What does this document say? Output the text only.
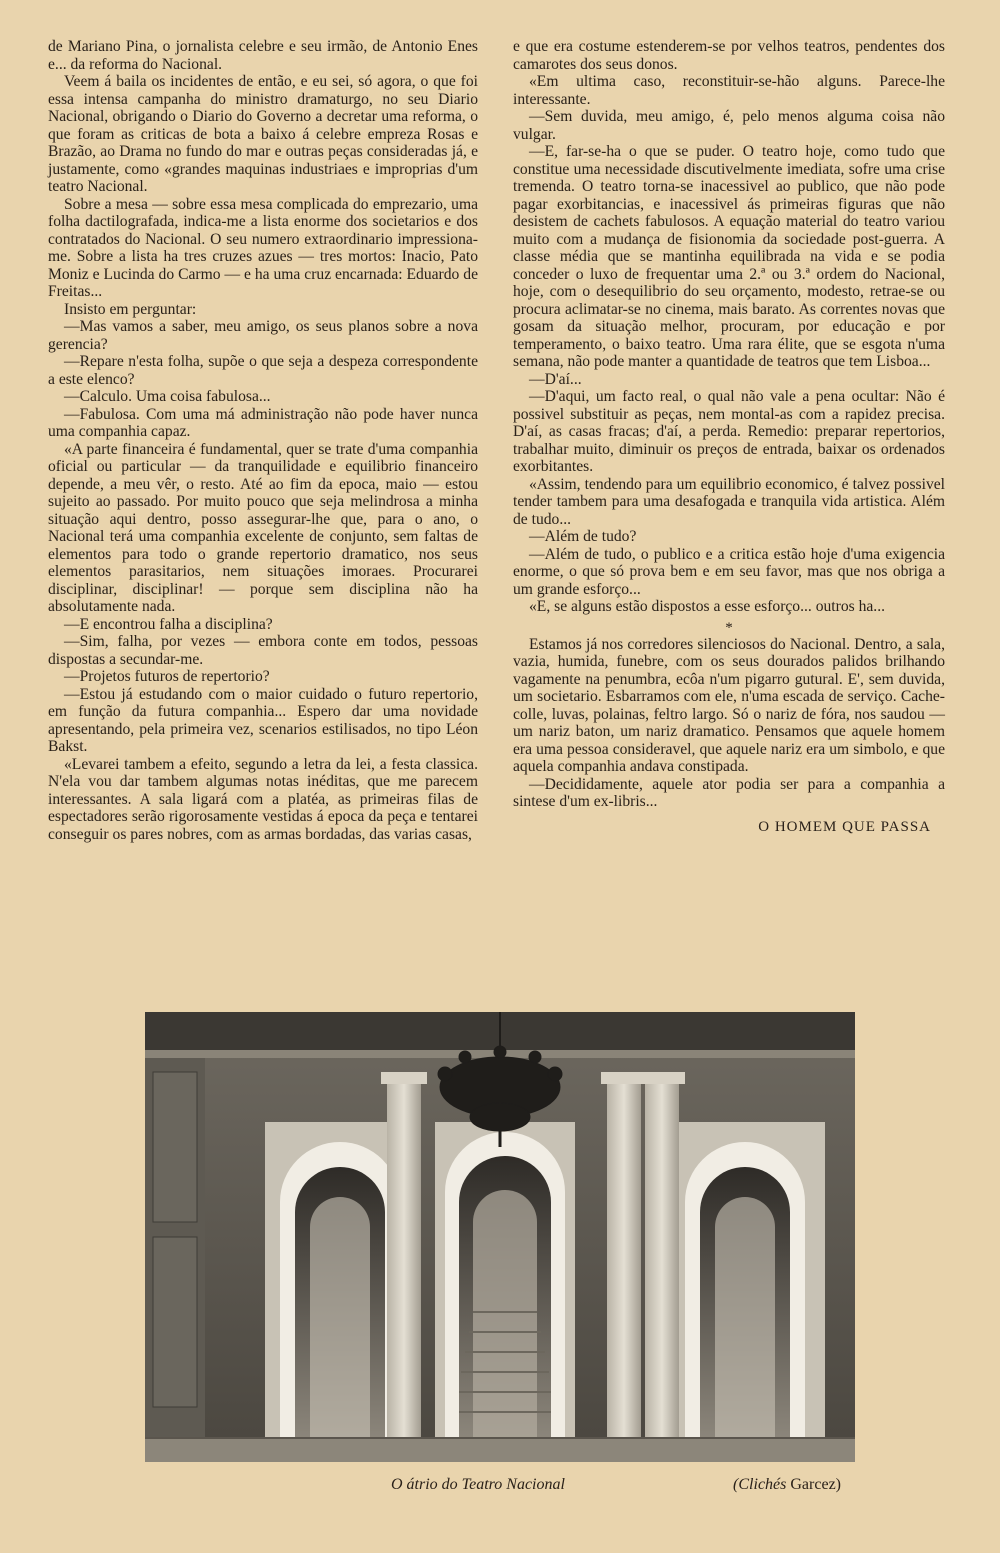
de Mariano Pina, o jornalista celebre e seu irmão, de Antonio Enes e... da reforma do Nacional.

Veem á baila os incidentes de então, e eu sei, só agora, o que foi essa intensa campanha do ministro dramaturgo, no seu Diario Nacional, obrigando o Diario do Governo a decretar uma reforma, o que foram as criticas de bota a baixo á celebre empreza Rosas e Brazão, ao Drama no fundo do mar e outras peças consideradas já, e justamente, como «grandes maquinas industriaes e improprias d'um teatro Nacional.

Sobre a mesa — sobre essa mesa complicada do emprezario, uma folha dactilografada, indica-me a lista enorme dos societarios e dos contratados do Nacional. O seu numero extraordinario impressiona-me. Sobre a lista ha tres cruzes azues — tres mortos: Inacio, Pato Moniz e Lucinda do Carmo — e ha uma cruz encarnada: Eduardo de Freitas...

Insisto em perguntar:

—Mas vamos a saber, meu amigo, os seus planos sobre a nova gerencia?

—Repare n'esta folha, supõe o que seja a despeza correspondente a este elenco?

—Calculo. Uma coisa fabulosa...

—Fabulosa. Com uma má administração não pode haver nunca uma companhia capaz.

«A parte financeira é fundamental, quer se trate d'uma companhia oficial ou particular — da tranquilidade e equilibrio financeiro depende, a meu vêr, o resto. Até ao fim da epoca, maio — estou sujeito ao passado. Por muito pouco que seja melindrosa a minha situação aqui dentro, posso assegurar-lhe que, para o ano, o Nacional terá uma companhia excelente de conjunto, sem faltas de elementos para todo o grande repertorio dramatico, nos seus elementos parasitarios, nem situações imoraes. Procurarei disciplinar, disciplinar! — porque sem disciplina não ha absolutamente nada.

—E encontrou falha a disciplina?

—Sim, falha, por vezes — embora conte em todos, pessoas dispostas a secundar-me.

—Projetos futuros de repertorio?

—Estou já estudando com o maior cuidado o futuro repertorio, em função da futura companhia... Espero dar uma novidade apresentando, pela primeira vez, scenarios estilisados, no tipo Léon Bakst.

«Levarei tambem a efeito, segundo a letra da lei, a festa classica. N'ela vou dar tambem algumas notas inéditas, que me parecem interessantes. A sala ligará com a platéa, as primeiras filas de espectadores serão rigorosamente vestidas á epoca da peça e tentarei conseguir os pares nobres, com as armas bordadas, das varias casas,

e que era costume estenderem-se por velhos teatros, pendentes dos camarotes dos seus donos.

«Em ultima caso, reconstituir-se-hão alguns. Parece-lhe interessante.

—Sem duvida, meu amigo, é, pelo menos alguma coisa não vulgar.

—E, far-se-ha o que se puder. O teatro hoje, como tudo que constitue uma necessidade discutivelmente imediata, sofre uma crise tremenda. O teatro torna-se inacessivel ao publico, que não pode pagar exorbitancias, e inacessivel ás primeiras figuras que não desistem de cachets fabulosos. A equação material do teatro variou muito com a mudança de fisionomia da sociedade post-guerra. A classe média que se mantinha equilibrada na vida e se podia conceder o luxo de frequentar uma 2.ª ou 3.ª ordem do Nacional, hoje, com o desequilibrio do seu orçamento, modesto, retrae-se ou procura aclimatar-se no cinema, mais barato. As correntes novas que gosam da situação melhor, procuram, por educação e por temperamento, o baixo teatro. Uma rara élite, que se esgota n'uma semana, não pode manter a quantidade de teatros que tem Lisboa...

—D'aí...

—D'aqui, um facto real, o qual não vale a pena ocultar: Não é possivel substituir as peças, nem montal-as com a rapidez precisa. D'aí, as casas fracas; d'aí, a perda. Remedio: preparar repertorios, trabalhar muito, diminuir os preços de entrada, baixar os ordenados exorbitantes.

«Assim, tendendo para um equilibrio economico, é talvez possivel tender tambem para uma desafogada e tranquila vida artistica. Além de tudo...

—Além de tudo?

—Além de tudo, o publico e a critica estão hoje d'uma exigencia enorme, o que só prova bem e em seu favor, mas que nos obriga a um grande esforço...

«E, se alguns estão dispostos a esse esforço... outros ha...

*

Estamos já nos corredores silenciosos do Nacional. Dentro, a sala, vazia, humida, funebre, com os seus dourados palidos brilhando vagamente na penumbra, ecôa n'um pigarro gutural. E', sem duvida, um societario. Esbarramos com ele, n'uma escada de serviço. Cache-colle, luvas, polainas, feltro largo. Só o nariz de fóra, nos saudou — um nariz baton, um nariz dramatico. Pensamos que aquele homem era uma pessoa consideravel, que aquele nariz era um simbolo, e que aquela companhia andava constipada.

—Decididamente, aquele ator podia ser para a companhia a sintese d'um ex-libris...

O HOMEM QUE PASSA
O átrio do Teatro Nacional	(Clichés Garcez)
